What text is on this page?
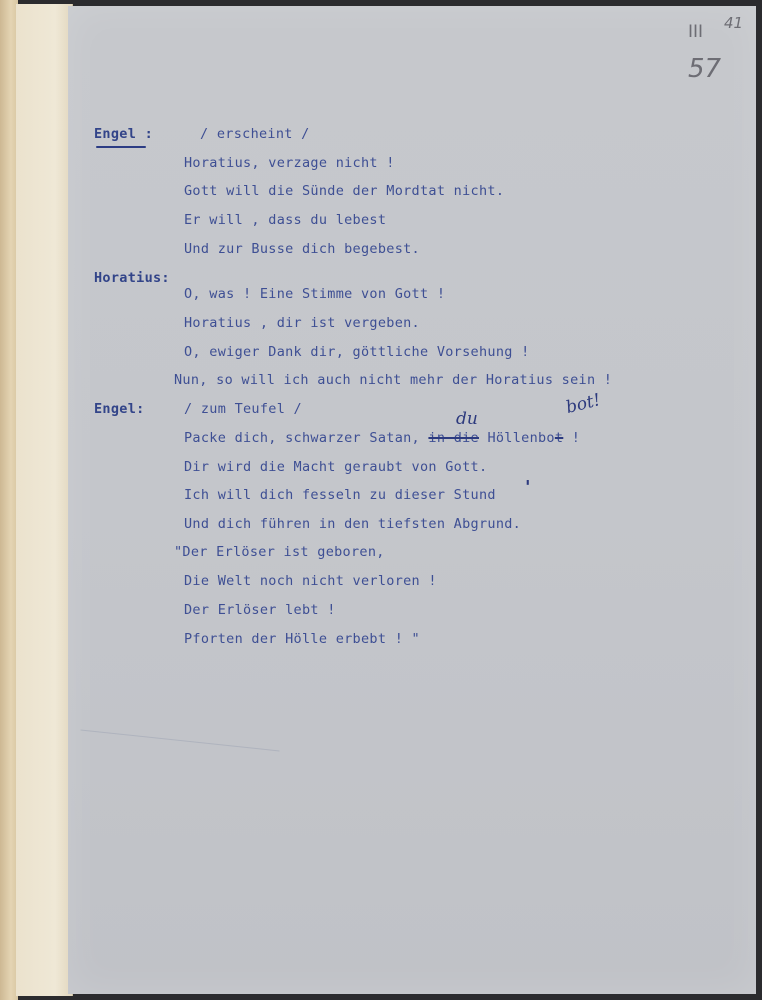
III 41
57
Engel :	/ erscheint /
Horatius, verzage nicht !
Gott will die Sünde der Mordtat nicht.
Er will , dass du lebest
Und zur Busse dich begebest.
Horatius:
O, was ! Eine Stimme von Gott !
Horatius , dir ist vergeben.
O, ewiger Dank dir, göttliche Vorsehung !
Nun, so will ich auch nicht mehr der Horatius sein !
Engel:	/ zum Teufel /
Packe dich, schwarzer Satan, in die Höllenbot !
du
bot!
Dir wird die Macht geraubt von Gott.
Ich will dich fesseln zu dieser Stund '
Und dich führen in den tiefsten Abgrund.
"Der Erlöser ist geboren,
Die Welt noch nicht verloren !
Der Erlöser lebt !
Pforten der Hölle erbebt ! "
